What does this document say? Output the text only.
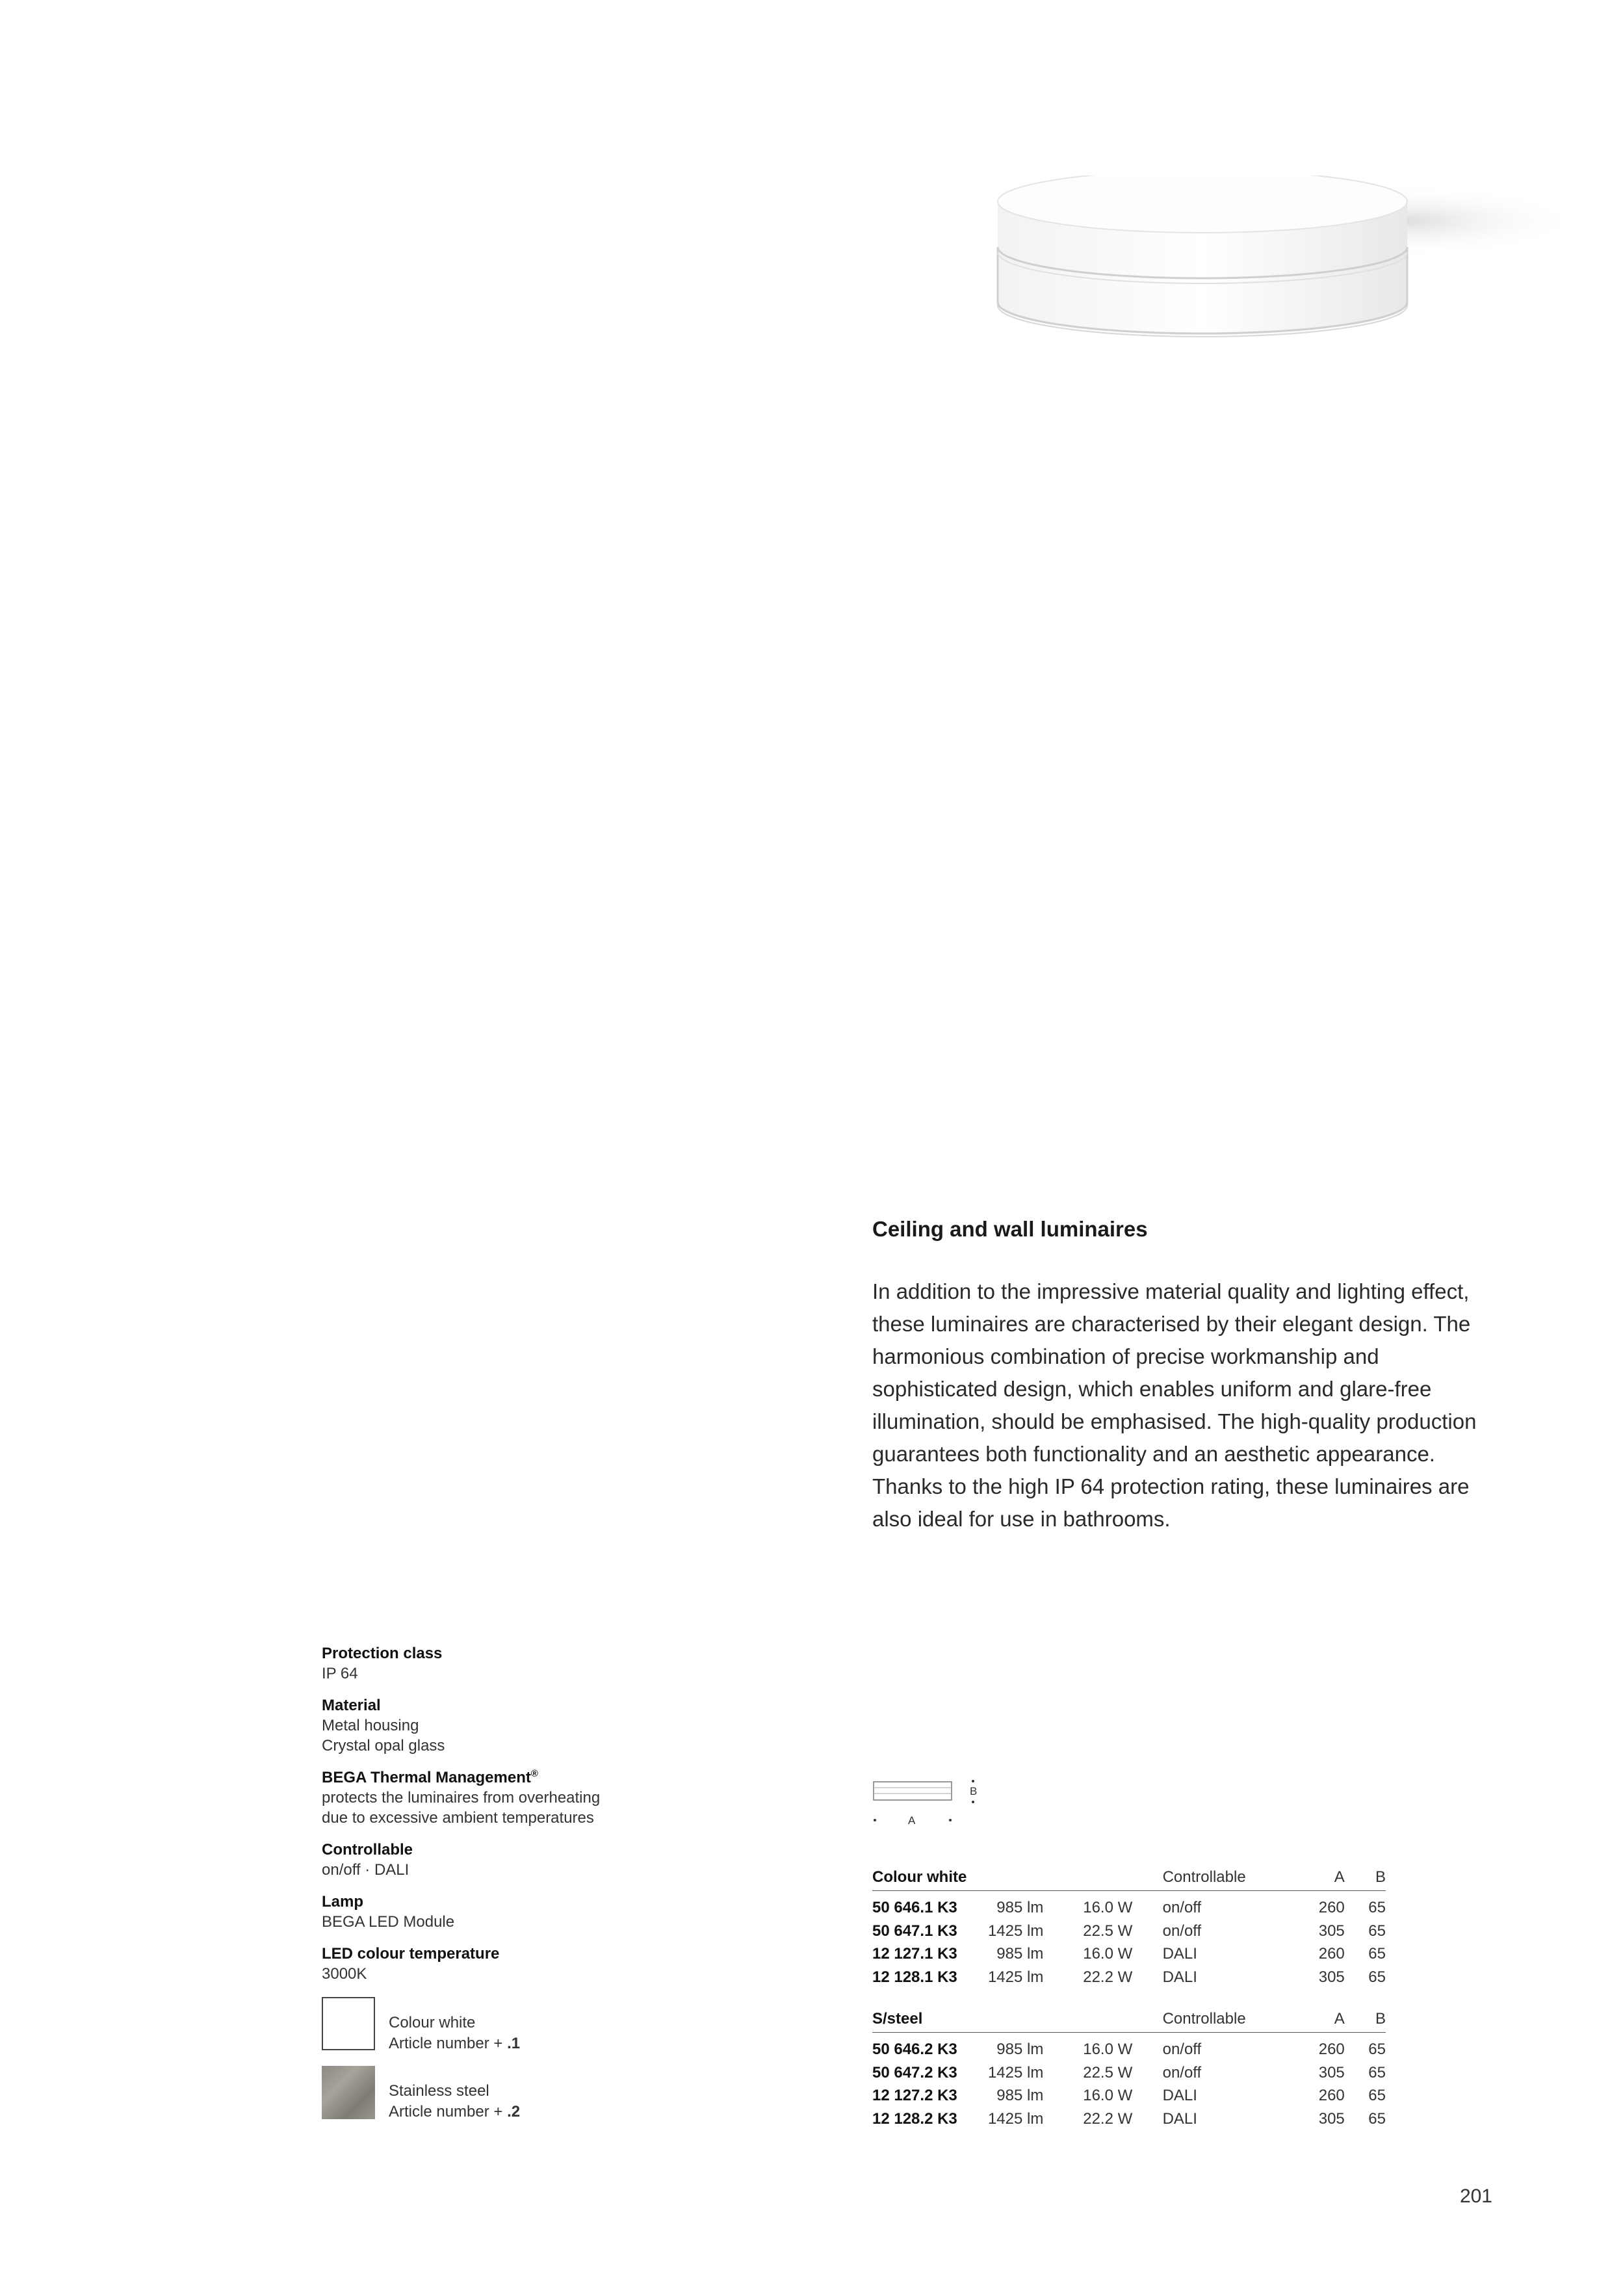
Ceiling and wall luminaires

In addition to the impressive material quality and lighting effect, these luminaires are characterised by their elegant design. The harmonious combination of precise workmanship and sophisticated design, which enables uniform and glare-free illumination, should be emphasised. The high-quality production guarantees both functionality and an aesthetic appearance. Thanks to the high IP 64 protection rating, these luminaires are also ideal for use in bathrooms.

Protection class
IP 64
Material
Metal housing
Crystal opal glass
BEGA Thermal Management®
protects the luminaires from overheating
due to excessive ambient temperatures
Controllable
on/off · DALI
Lamp
BEGA LED Module
LED colour temperature
3000K
Colour white
Article number + .1
Stainless steel
Article number + .2
B
A
Colour white				Controllable	A	B
50 646.1 K3	985 lm	16.0 W		on/off	260	65
50 647.1 K3	1425 lm	22.5 W		on/off	305	65
12 127.1 K3	985 lm	16.0 W		DALI	260	65
12 128.1 K3	1425 lm	22.2 W		DALI	305	65
S/steel				Controllable	A	B
50 646.2 K3	985 lm	16.0 W		on/off	260	65
50 647.2 K3	1425 lm	22.5 W		on/off	305	65
12 127.2 K3	985 lm	16.0 W		DALI	260	65
12 128.2 K3	1425 lm	22.2 W		DALI	305	65
201
